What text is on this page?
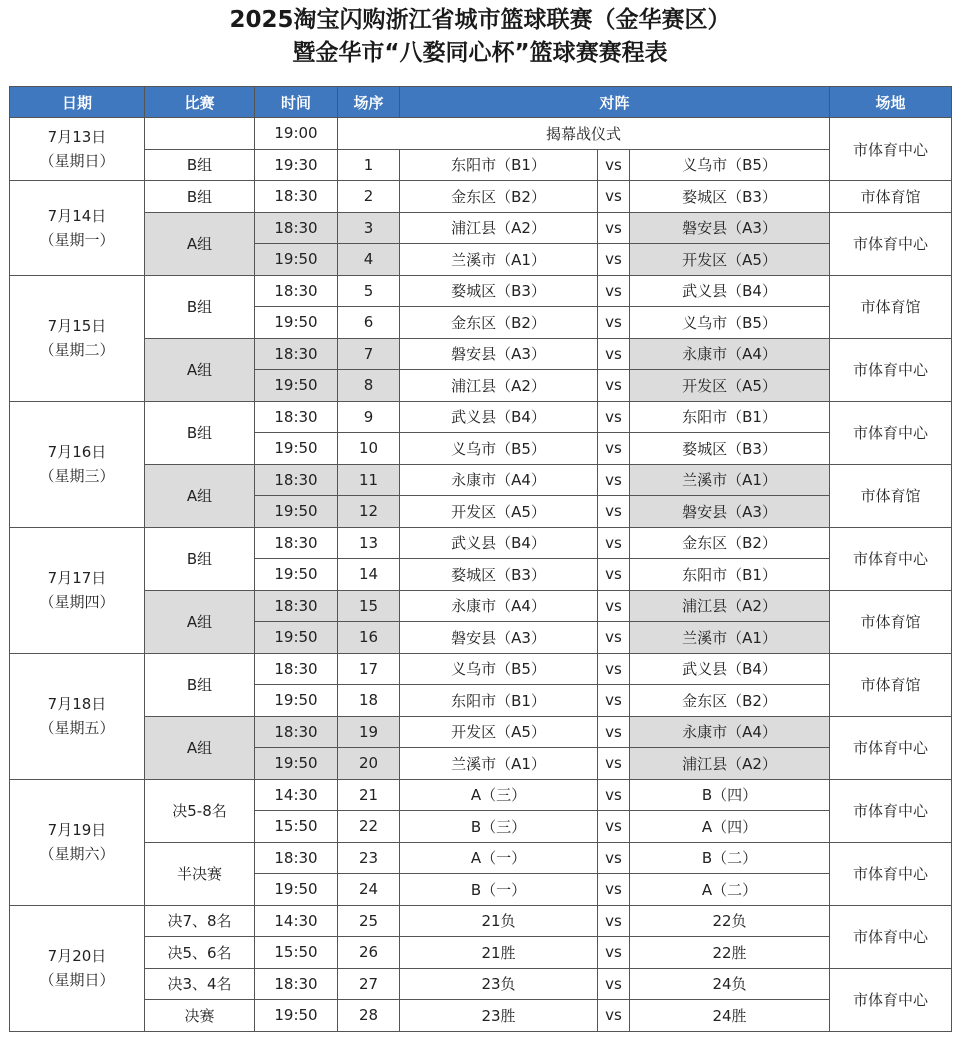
2025淘宝闪购浙江省城市篮球联赛（金华赛区）
暨金华市“八婺同心杯”篮球赛赛程表
日期	比赛	时间	场序	对阵			场地
7月13日
（星期日）		19:00	揭幕战仪式				市体育中心
	B组	19:30	1	东阳市（B1）	vs	义乌市（B5）	
7月14日
（星期一）	B组	18:30	2	金东区（B2）	vs	婺城区（B3）	市体育馆
	A组	18:30	3	浦江县（A2）	vs	磐安县（A3）	市体育中心
		19:50	4	兰溪市（A1）	vs	开发区（A5）	
7月15日
（星期二）	B组	18:30	5	婺城区（B3）	vs	武义县（B4）	市体育馆
		19:50	6	金东区（B2）	vs	义乌市（B5）	
	A组	18:30	7	磐安县（A3）	vs	永康市（A4）	市体育中心
		19:50	8	浦江县（A2）	vs	开发区（A5）	
7月16日
（星期三）	B组	18:30	9	武义县（B4）	vs	东阳市（B1）	市体育中心
		19:50	10	义乌市（B5）	vs	婺城区（B3）	
	A组	18:30	11	永康市（A4）	vs	兰溪市（A1）	市体育馆
		19:50	12	开发区（A5）	vs	磐安县（A3）	
7月17日
（星期四）	B组	18:30	13	武义县（B4）	vs	金东区（B2）	市体育中心
		19:50	14	婺城区（B3）	vs	东阳市（B1）	
	A组	18:30	15	永康市（A4）	vs	浦江县（A2）	市体育馆
		19:50	16	磐安县（A3）	vs	兰溪市（A1）	
7月18日
（星期五）	B组	18:30	17	义乌市（B5）	vs	武义县（B4）	市体育馆
		19:50	18	东阳市（B1）	vs	金东区（B2）	
	A组	18:30	19	开发区（A5）	vs	永康市（A4）	市体育中心
		19:50	20	兰溪市（A1）	vs	浦江县（A2）	
7月19日
（星期六）	决5-8名	14:30	21	A（三）	vs	B（四）	市体育中心
		15:50	22	B（三）	vs	A（四）	
	半决赛	18:30	23	A（一）	vs	B（二）	市体育中心
		19:50	24	B（一）	vs	A（二）	
7月20日
（星期日）	决7、8名	14:30	25	21负	vs	22负	市体育中心
	决5、6名	15:50	26	21胜	vs	22胜	
	决3、4名	18:30	27	23负	vs	24负	市体育中心
	决赛	19:50	28	23胜	vs	24胜	
